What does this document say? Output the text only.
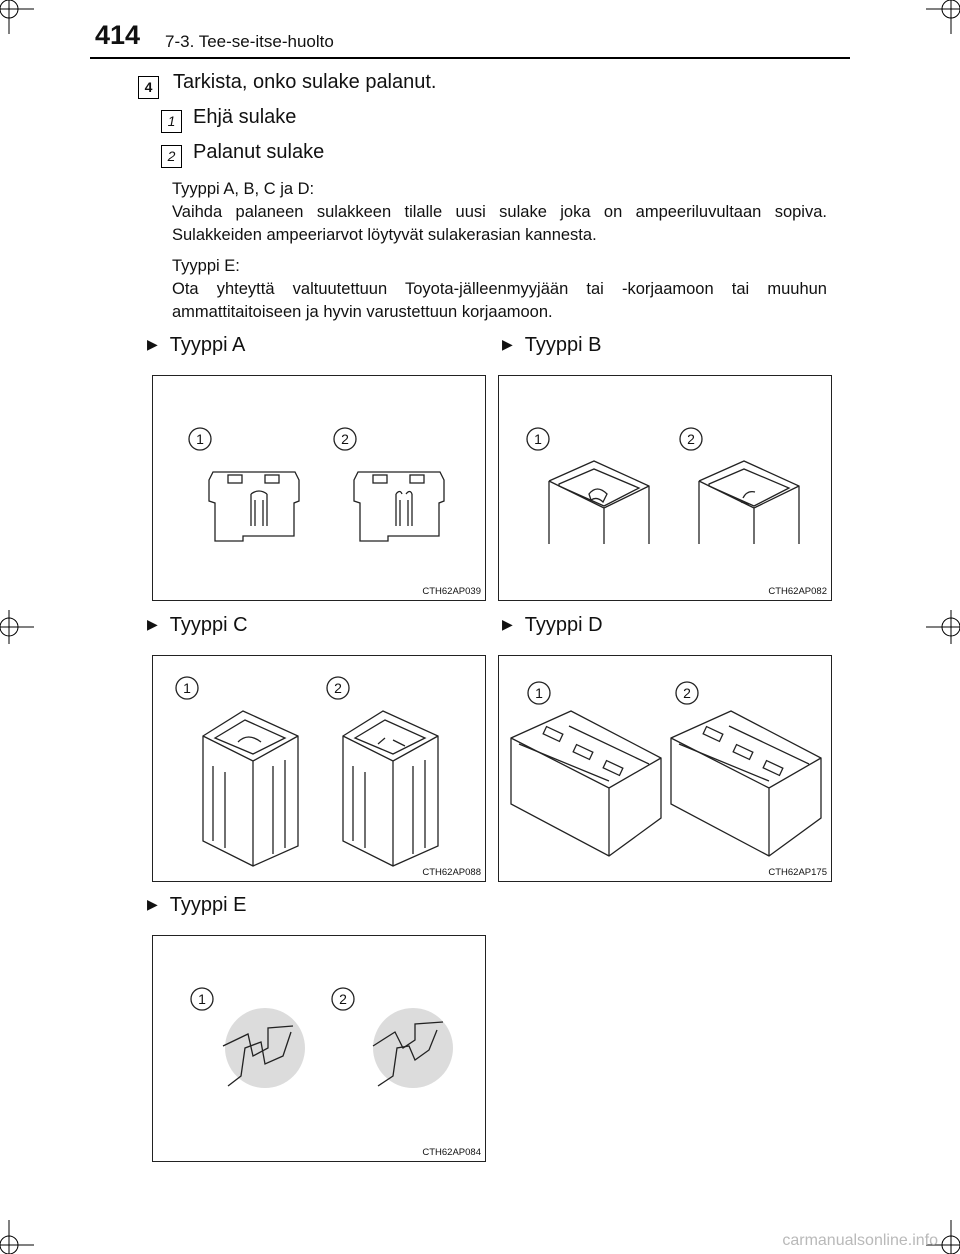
414 7-3. Tee-se-itse-huolto
4	Tarkista, onko sulake palanut.
1 Ehjä sulake
2 Palanut sulake
Tyyppi A, B, C ja D:
Vaihda palaneen sulakkeen tilalle uusi sulake joka on ampeeriluvultaan sopiva. Sulakkeiden ampeeriarvot löytyvät sulakerasian kannesta.
Tyyppi E:
Ota yhteyttä valtuutettuun Toyota-jälleenmyyjään tai -korjaamoon tai muuhun ammattitaitoiseen ja hyvin varustettuun korjaamoon.
▶ Tyyppi A	▶ Tyyppi B
▶ Tyyppi C	▶ Tyyppi D
▶ Tyyppi E
1	2
CTH62AP039
1	2
CTH62AP082
1	2
CTH62AP088
1	2
CTH62AP175
1	2
CTH62AP084
carmanualsonline.info
